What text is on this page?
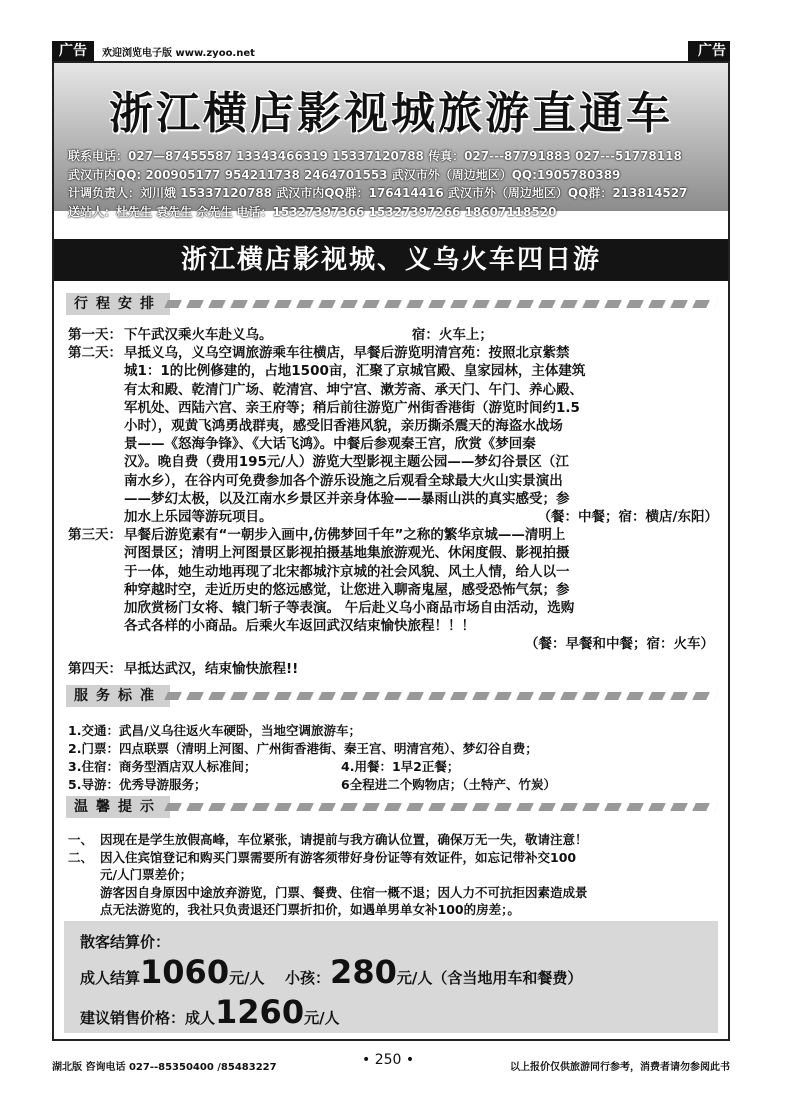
广告	欢迎浏览电子版 www.zyoo.net	广告
浙江横店影视城旅游直通车
联系电话：027—87455587 13343466319 15337120788 传真：027---87791883 027---51778118
武汉市内QQ: 200905177 954211738 2464701553 武汉市外（周边地区）QQ:1905780389
计调负责人：刘川娥 15337120788 武汉市内QQ群：176414416 武汉市外（周边地区）QQ群：213814527
送站人：杜先生 袁先生 佘先生 电话：15327397366 15327397266 18607118520
浙江横店影视城、义乌火车四日游
行程安排
第一天： 下午武汉乘火车赴义乌。	宿：火车上；
第二天： 早抵义乌，义乌空调旅游乘车往横店，早餐后游览明清宫苑：按照北京紫禁
城1：1的比例修建的，占地1500亩，汇聚了京城官殿、皇家园林，主体建筑
有太和殿、乾清门广场、乾清宫、坤宁宫、漱芳斋、承天门、午门、养心殿、
军机处、西陆六宫、亲王府等；稍后前往游览广州街香港街（游览时间约1.5
小时），观黄飞鸿勇战群夷，感受旧香港风貌，亲历撕杀震天的海盗水战场
景——《怒海争锋》、《大话飞鸿》。中餐后参观秦王宫，欣赏《梦回秦
汉》。晚自费（费用195元/人）游览大型影视主题公园——梦幻谷景区（江
南水乡），在谷内可免费参加各个游乐设施之后观看全球最大火山实景演出
——梦幻太极，以及江南水乡景区并亲身体验——暴雨山洪的真实感受；参
加水上乐园等游玩项目。	（餐：中餐；宿：横店/东阳）
第三天： 早餐后游览素有“一朝步入画中,仿佛梦回千年”之称的繁华京城——清明上
河图景区；清明上河图景区影视拍摄基地集旅游观光、休闲度假、影视拍摄
于一体，她生动地再现了北宋都城汴京城的社会风貌、风土人情，给人以一
种穿越时空，走近历史的悠远感觉，让您进入聊斋鬼屋，感受恐怖气氛；参
加欣赏杨门女将、辕门斩子等表演。 午后赴义乌小商品市场自由活动，选购
各式各样的小商品。后乘火车返回武汉结束愉快旅程！！！
（餐：早餐和中餐；宿：火车）
第四天： 早抵达武汉，结束愉快旅程!!
服务标准
1.交通：武昌/义乌往返火车硬卧，当地空调旅游车；
2.门票：四点联票（清明上河图、广州街香港街、秦王宫、明清宫苑）、梦幻谷自费；
3.住宿：商务型酒店双人标准间；	4.用餐：1早2正餐；
5.导游：优秀导游服务；	6全程进二个购物店；（土特产、竹炭）
温馨提示
一、 因现在是学生放假高峰，车位紧张，请提前与我方确认位置，确保万无一失，敬请注意！
二、 因入住宾馆登记和购买门票需要所有游客须带好身份证等有效证件，如忘记带补交100
元/人门票差价；
游客因自身原因中途放弃游览，门票、餐费、住宿一概不退；因人力不可抗拒因素造成景
点无法游览的，我社只负责退还门票折扣价，如遇单男单女补100的房差；。
散客结算价：
成人结算1060元/人 小孩：280元/人（含当地用车和餐费）
建议销售价格：成人1260元/人
湖北版 咨询电话 027--85350400 /85483227	• 250 •	以上报价仅供旅游同行参考，消费者请勿参阅此书
